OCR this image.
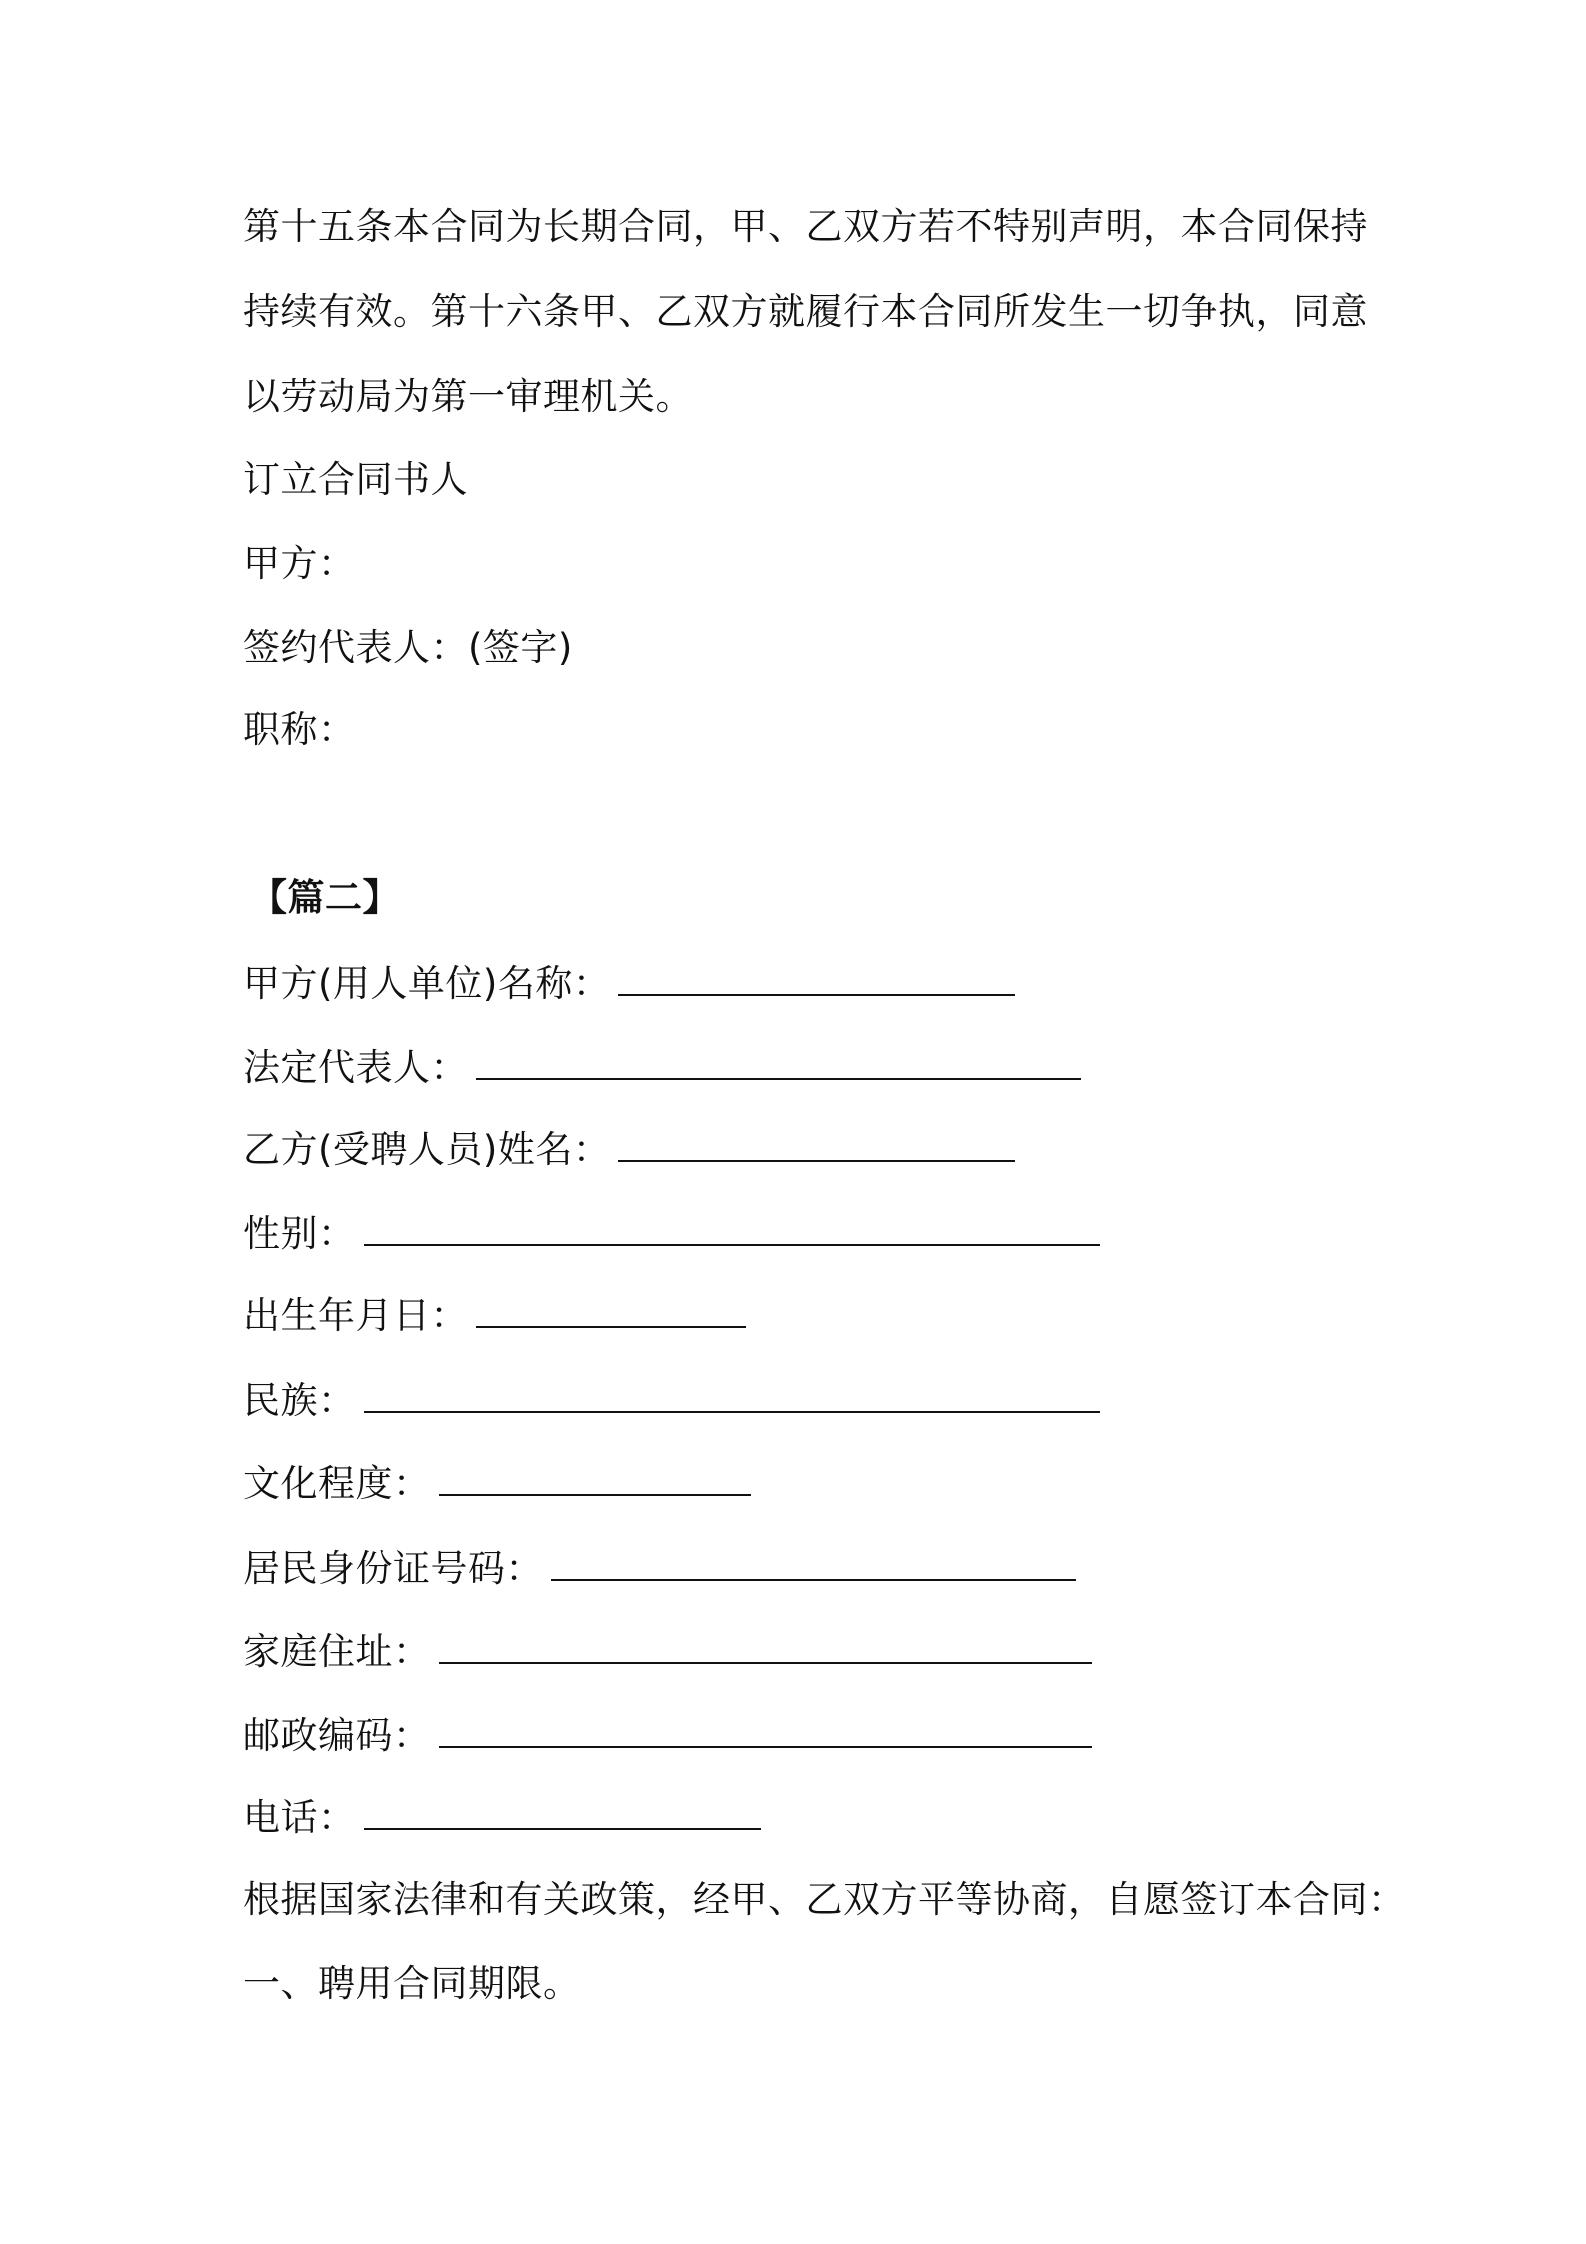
第十五条本合同为长期合同，甲、乙双方若不特别声明，本合同保持
持续有效。第十六条甲、乙双方就履行本合同所发生一切争执，同意
以劳动局为第一审理机关。
订立合同书人
甲方：
签约代表人：(签字)
职称：
【篇二】
甲方(用人单位)名称：
法定代表人：
乙方(受聘人员)姓名：
性别：
出生年月日：
民族：
文化程度：
居民身份证号码：
家庭住址：
邮政编码：
电话：
根据国家法律和有关政策，经甲、乙双方平等协商，自愿签订本合同：
一、聘用合同期限。
